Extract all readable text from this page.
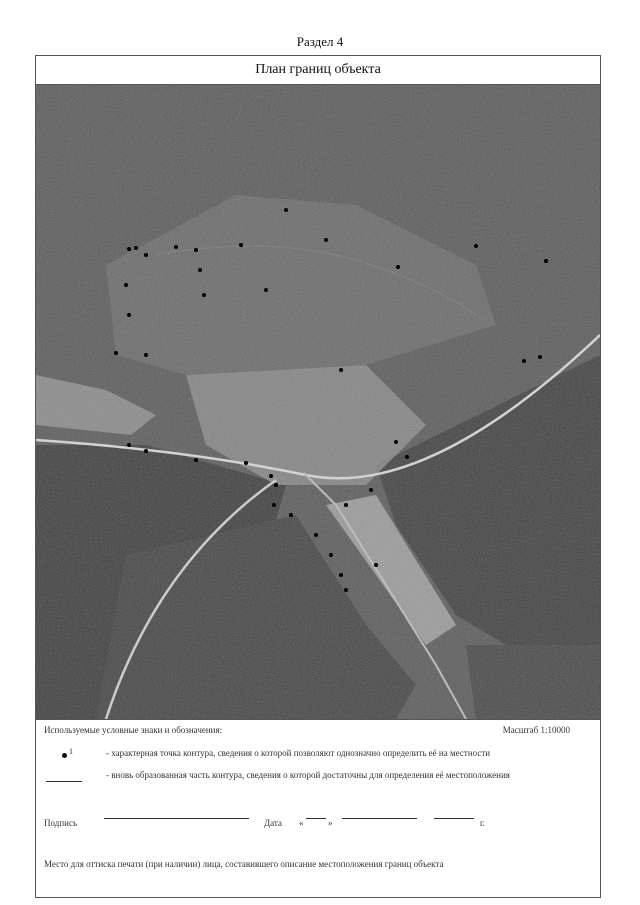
Раздел 4
План границ объекта
Используемые условные знаки и обозначения:	Масштаб 1:10000
1	- характерная точка контура, сведения о которой позволяют однозначно определить её на местности
- вновь образованная часть контура, сведения о которой достаточны для определения её местоположения
Подпись	Дата «	»	г.
Место для оттиска печати (при наличии) лица, составившего описание местоположения границ объекта
